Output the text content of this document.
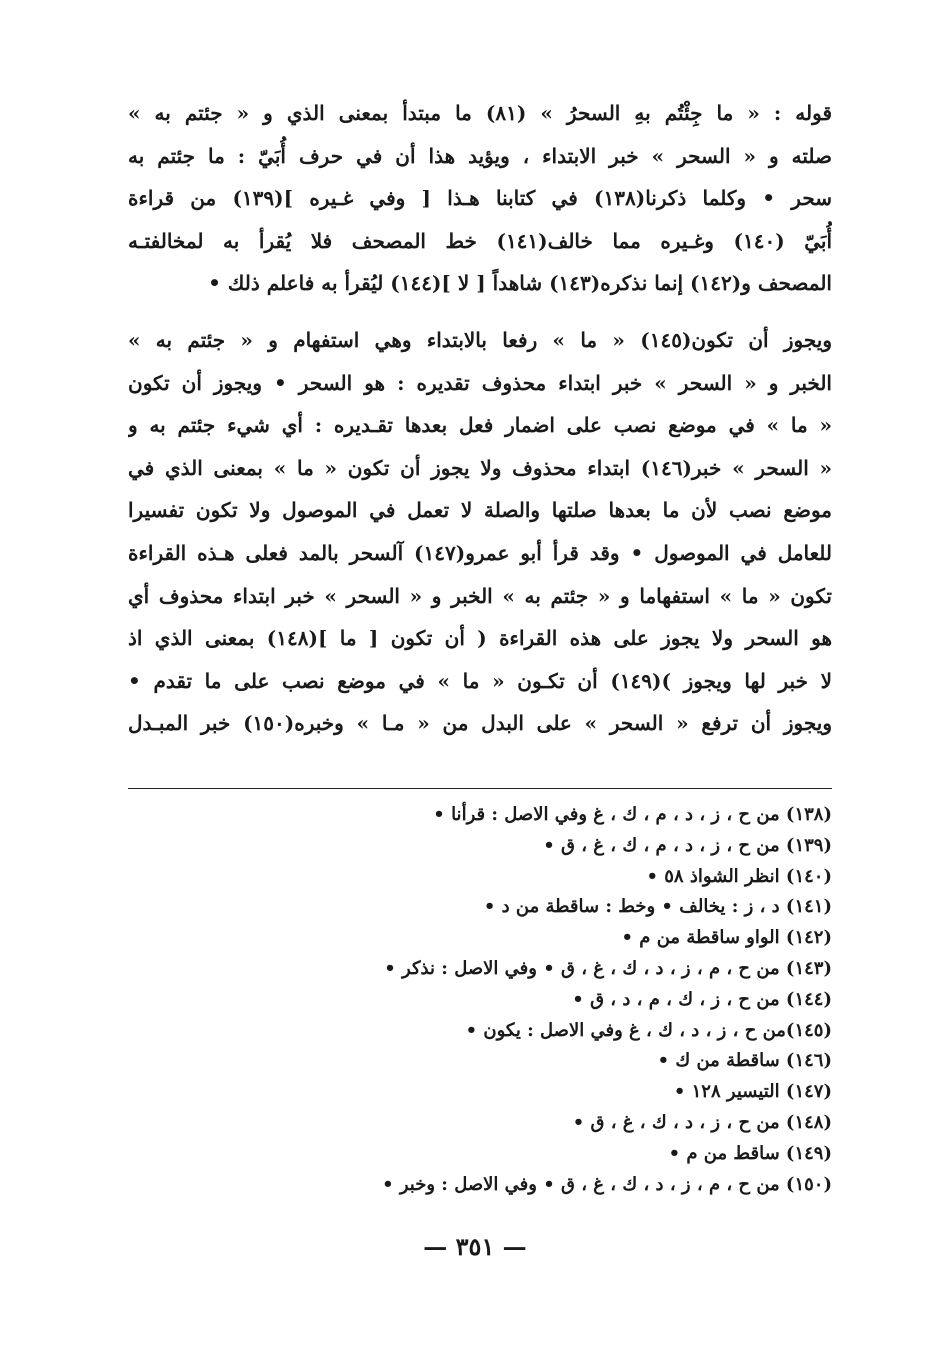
قوله : « ما جِئْتُم بهِ السحرُ » (٨١) ما مبتدأ بمعنى الذي و « جئتم به »
صلته و « السحر » خبر الابتداء ، ويؤيد هذا أن في حرف أُبَيّ : ما جئتم به
سحر • وكلما ذكرنا(١٣٨) في كتابنا هـذا [ وفي غـيره ](١٣٩) من قراءة
أُبَيّ (١٤٠) وغـيره مما خالف(١٤١) خط المصحف فلا يُقرأ به لمخالفتـه
المصحف و(١٤٢) إنما نذكره(١٤٣) شاهداً [ لا ](١٤٤) ليُقرأ به فاعلم ذلك •

ويجوز أن تكون(١٤٥) « ما » رفعا بالابتداء وهي استفهام و « جئتم به »
الخبر و « السحر » خبر ابتداء محذوف تقديره : هو السحر • ويجوز أن تكون
« ما » في موضع نصب على اضمار فعل بعدها تقـديره : أي شيء جئتم به و
« السحر » خبر(١٤٦) ابتداء محذوف ولا يجوز أن تكون « ما » بمعنى الذي في
موضع نصب لأن ما بعدها صلتها والصلة لا تعمل في الموصول ولا تكون تفسيرا
للعامل في الموصول • وقد قرأ أبو عمرو(١٤٧) آلسحر بالمد فعلى هـذه القراءة
تكون « ما » استفهاما و « جئتم به » الخبر و « السحر » خبر ابتداء محذوف أي
هو السحر ولا يجوز على هذه القراءة ( أن تكون [ ما ](١٤٨) بمعنى الذي اذ
لا خبر لها ويجوز )(١٤٩) أن تكـون « ما » في موضع نصب على ما تقدم •
ويجوز أن ترفع « السحر » على البدل من « مـا » وخبره(١٥٠) خبر المبـدل

(١٣٨) من ح ، ز ، د ، م ، ك ، غ وفي الاصل : قرأنا •
(١٣٩) من ح ، ز ، د ، م ، ك ، غ ، ق •
(١٤٠) انظر الشواذ ٥٨ •
(١٤١) د ، ز : يخالف • وخط : ساقطة من د •
(١٤٢) الواو ساقطة من م •
(١٤٣) من ح ، م ، ز ، د ، ك ، غ ، ق • وفي الاصل : نذكر •
(١٤٤) من ح ، ز ، ك ، م ، د ، ق •
(١٤٥)من ح ، ز ، د ، ك ، غ وفي الاصل : يكون •
(١٤٦) ساقطة من ك •
(١٤٧) التيسير ١٢٨ •
(١٤٨) من ح ، ز ، د ، ك ، غ ، ق •
(١٤٩) ساقط من م •
(١٥٠) من ح ، م ، ز ، د ، ك ، غ ، ق • وفي الاصل : وخبر •
— ٣٥١ —
